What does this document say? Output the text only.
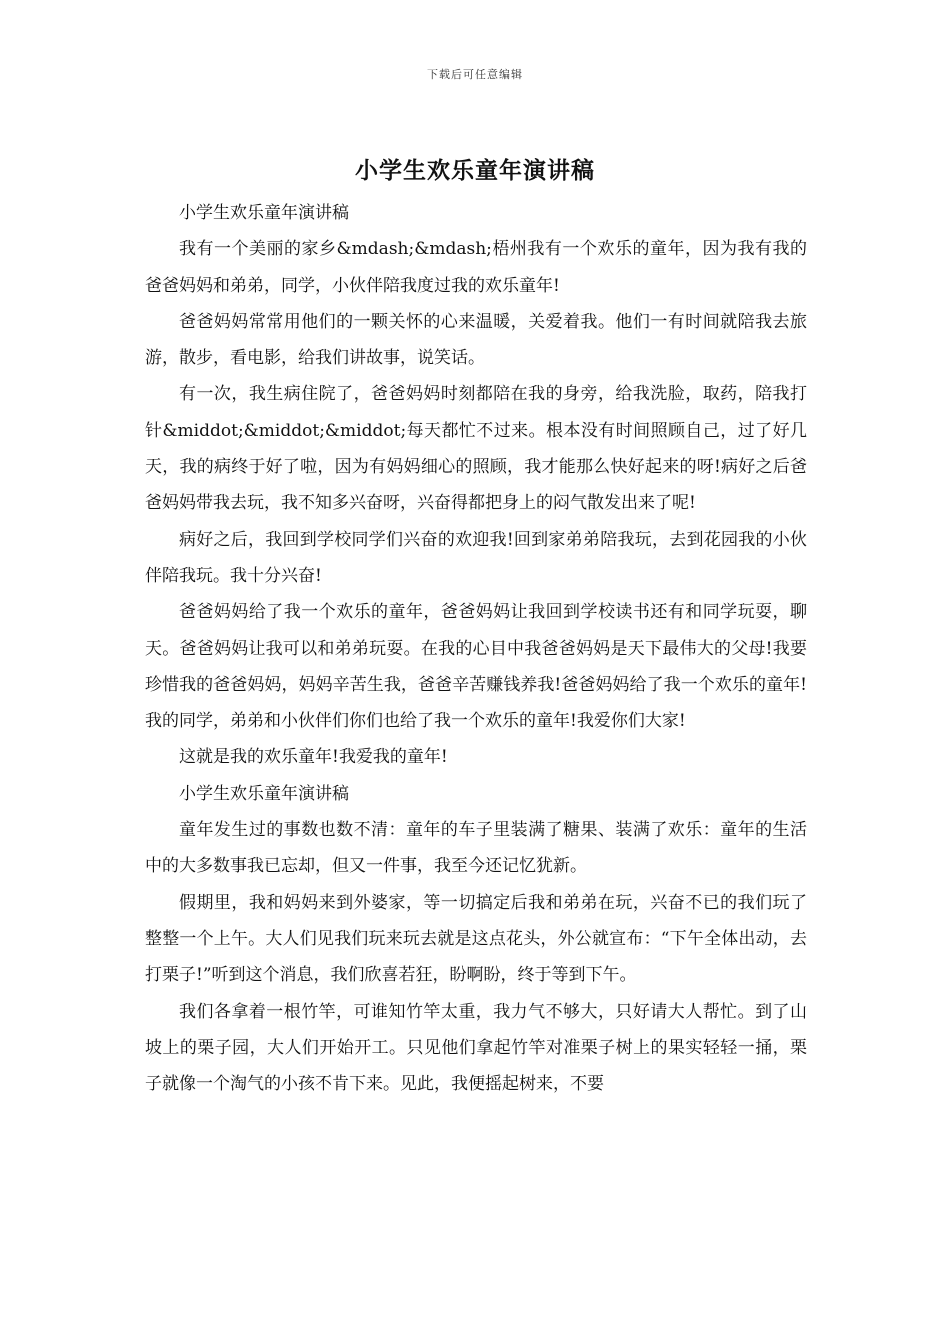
下载后可任意编辑
小学生欢乐童年演讲稿

小学生欢乐童年演讲稿

我有一个美丽的家乡&mdash;&mdash;梧州我有一个欢乐的童年，因为我有我的爸爸妈妈和弟弟，同学，小伙伴陪我度过我的欢乐童年!

爸爸妈妈常常用他们的一颗关怀的心来温暖，关爱着我。他们一有时间就陪我去旅游，散步，看电影，给我们讲故事，说笑话。

有一次，我生病住院了，爸爸妈妈时刻都陪在我的身旁，给我洗脸，取药，陪我打针&middot;&middot;&middot;每天都忙不过来。根本没有时间照顾自己，过了好几天，我的病终于好了啦，因为有妈妈细心的照顾，我才能那么快好起来的呀!病好之后爸爸妈妈带我去玩，我不知多兴奋呀，兴奋得都把身上的闷气散发出来了呢!

病好之后，我回到学校同学们兴奋的欢迎我!回到家弟弟陪我玩，去到花园我的小伙伴陪我玩。我十分兴奋!

爸爸妈妈给了我一个欢乐的童年，爸爸妈妈让我回到学校读书还有和同学玩耍，聊天。爸爸妈妈让我可以和弟弟玩耍。在我的心目中我爸爸妈妈是天下最伟大的父母!我要珍惜我的爸爸妈妈，妈妈辛苦生我，爸爸辛苦赚钱养我!爸爸妈妈给了我一个欢乐的童年!我的同学，弟弟和小伙伴们你们也给了我一个欢乐的童年!我爱你们大家!

这就是我的欢乐童年!我爱我的童年!

小学生欢乐童年演讲稿

童年发生过的事数也数不清：童年的车子里装满了糖果、装满了欢乐：童年的生活中的大多数事我已忘却，但又一件事，我至今还记忆犹新。

假期里，我和妈妈来到外婆家，等一切搞定后我和弟弟在玩，兴奋不已的我们玩了整整一个上午。大人们见我们玩来玩去就是这点花头，外公就宣布：“下午全体出动，去打栗子!”听到这个消息，我们欣喜若狂，盼啊盼，终于等到下午。

我们各拿着一根竹竿，可谁知竹竿太重，我力气不够大，只好请大人帮忙。到了山坡上的栗子园，大人们开始开工。只见他们拿起竹竿对准栗子树上的果实轻轻一捅，栗子就像一个淘气的小孩不肯下来。见此，我便摇起树来，不要
